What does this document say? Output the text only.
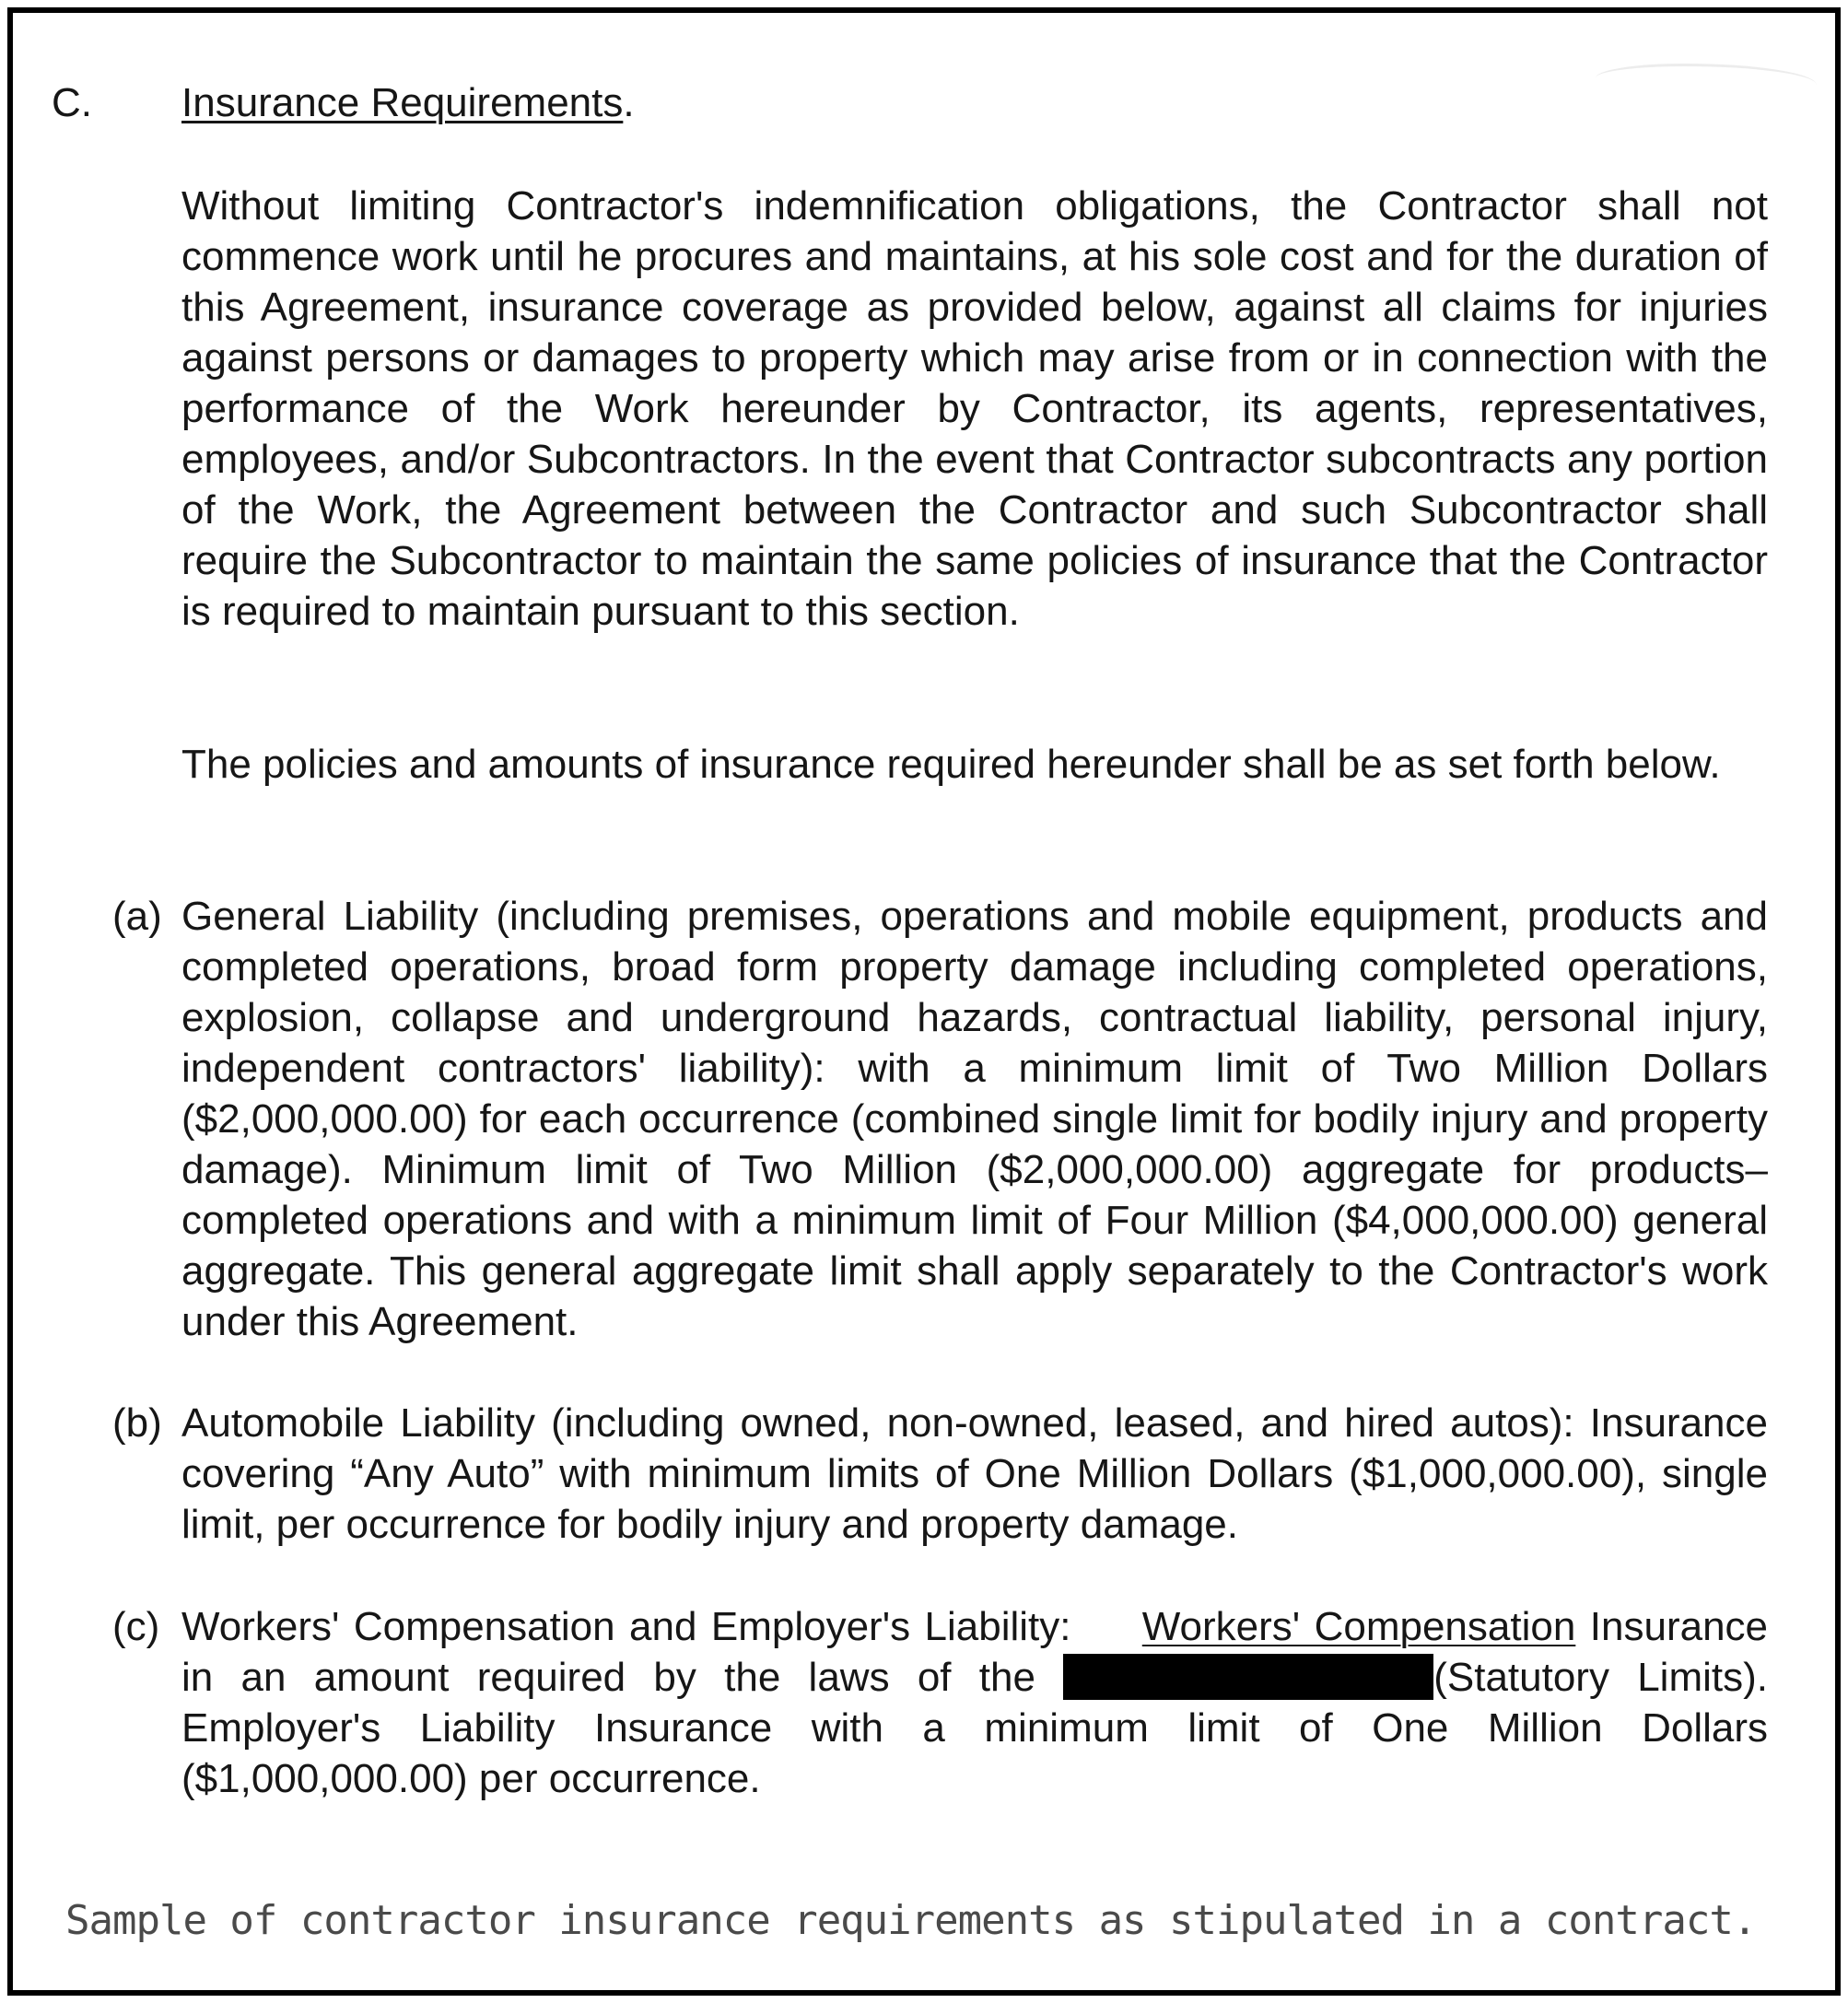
C. Insurance Requirements.

Without limiting Contractor's indemnification obligations, the Contractor shall not commence work until he procures and maintains, at his sole cost and for the duration of this Agreement, insurance coverage as provided below, against all claims for injuries against persons or damages to property which may arise from or in connection with the performance of the Work hereunder by Contractor, its agents, representatives, employees, and/or Subcontractors. In the event that Contractor subcontracts any portion of the Work, the Agreement between the Contractor and such Subcontractor shall require the Subcontractor to maintain the same policies of insurance that the Contractor is required to maintain pursuant to this section.

The policies and amounts of insurance required hereunder shall be as set forth below.

(a) General Liability (including premises, operations and mobile equipment, products and completed operations, broad form property damage including completed operations, explosion, collapse and underground hazards, contractual liability, personal injury, independent contractors' liability): with a minimum limit of Two Million Dollars ($2,000,000.00) for each occurrence (combined single limit for bodily injury and property damage). Minimum limit of Two Million ($2,000,000.00) aggregate for products–completed operations and with a minimum limit of Four Million ($4,000,000.00) general aggregate. This general aggregate limit shall apply separately to the Contractor's work under this Agreement.
(b) Automobile Liability (including owned, non-owned, leased, and hired autos): Insurance covering “Any Auto” with minimum limits of One Million Dollars ($1,000,000.00), single limit, per occurrence for bodily injury and property damage.
(c) Workers' Compensation and Employer's Liability: Workers' Compensation Insurance in an amount required by the laws of the	(Statutory Limits). Employer's Liability Insurance with a minimum limit of One Million Dollars ($1,000,000.00) per occurrence.
Sample of contractor insurance requirements as stipulated in a contract.
